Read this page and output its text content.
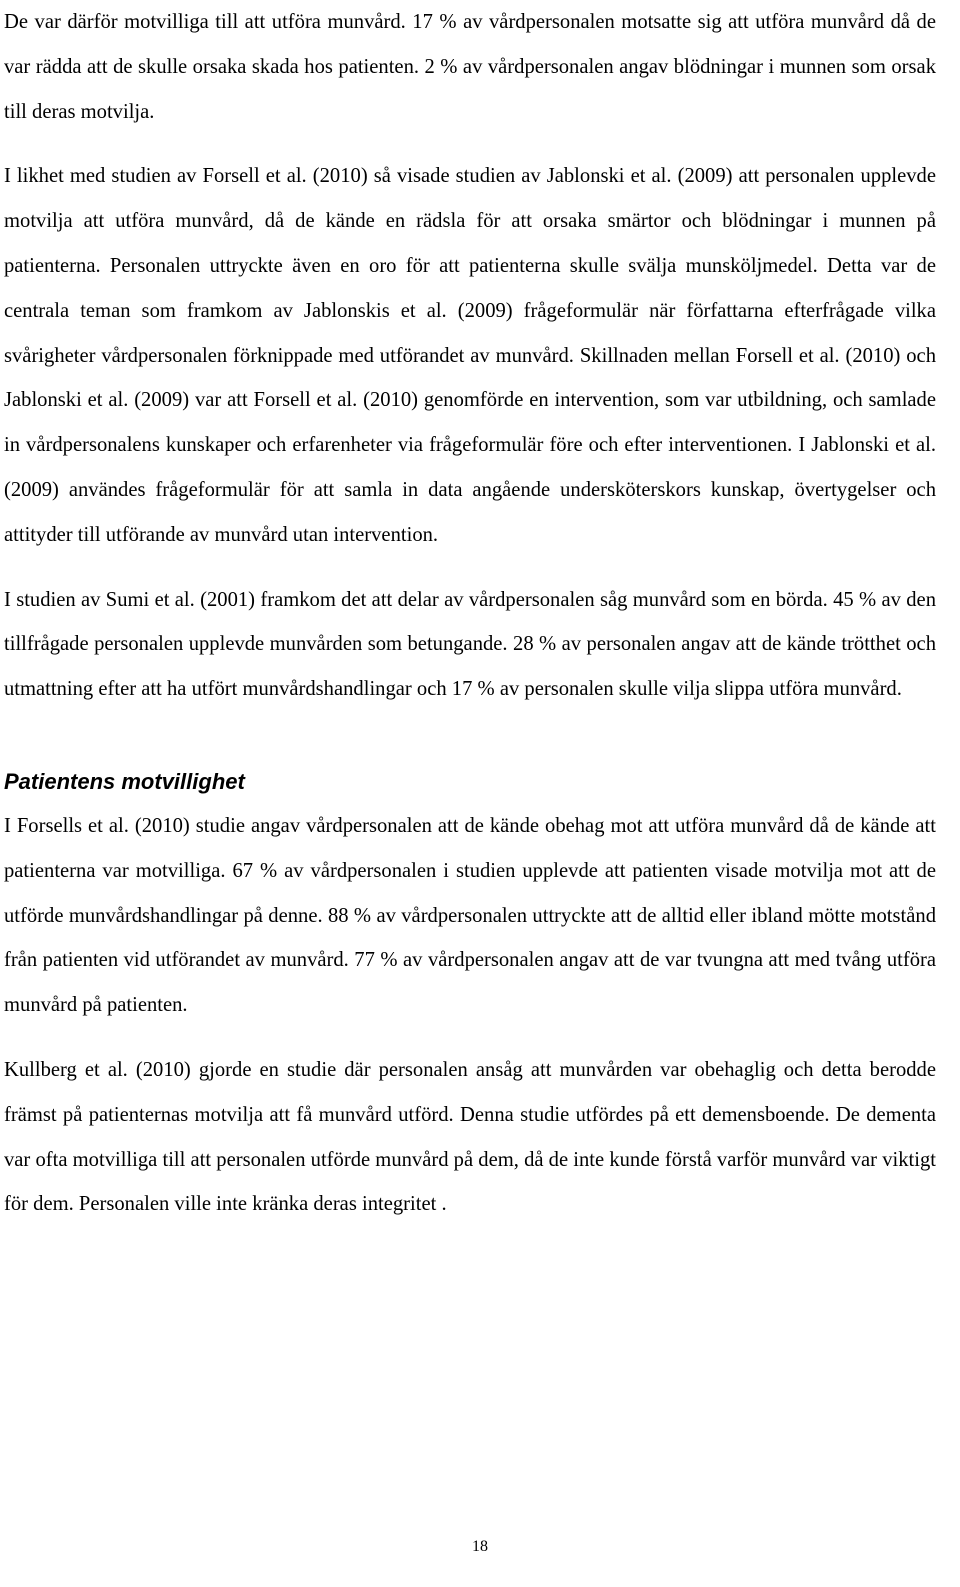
De var därför motvilliga till att utföra munvård. 17 % av vårdpersonalen motsatte sig att utföra munvård då de var rädda att de skulle orsaka skada hos patienten. 2 % av vårdpersonalen angav blödningar i munnen som orsak till deras motvilja.

I likhet med studien av Forsell et al. (2010) så visade studien av Jablonski et al. (2009) att personalen upplevde motvilja att utföra munvård, då de kände en rädsla för att orsaka smärtor och blödningar i munnen på patienterna. Personalen uttryckte även en oro för att patienterna skulle svälja munsköljmedel. Detta var de centrala teman som framkom av Jablonskis et al. (2009) frågeformulär när författarna efterfrågade vilka svårigheter vårdpersonalen förknippade med utförandet av munvård. Skillnaden mellan Forsell et al. (2010) och Jablonski et al. (2009) var att Forsell et al. (2010) genomförde en intervention, som var utbildning, och samlade in vårdpersonalens kunskaper och erfarenheter via frågeformulär före och efter interventionen. I Jablonski et al. (2009) användes frågeformulär för att samla in data angående undersköterskors kunskap, övertygelser och attityder till utförande av munvård utan intervention.

I studien av Sumi et al. (2001) framkom det att delar av vårdpersonalen såg munvård som en börda. 45 % av den tillfrågade personalen upplevde munvården som betungande. 28 % av personalen angav att de kände trötthet och utmattning efter att ha utfört munvårdshandlingar och 17 % av personalen skulle vilja slippa utföra munvård.

Patientens motvillighet

I Forsells et al. (2010) studie angav vårdpersonalen att de kände obehag mot att utföra munvård då de kände att patienterna var motvilliga. 67 % av vårdpersonalen i studien upplevde att patienten visade motvilja mot att de utförde munvårdshandlingar på denne. 88 % av vårdpersonalen uttryckte att de alltid eller ibland mötte motstånd från patienten vid utförandet av munvård. 77 % av vårdpersonalen angav att de var tvungna att med tvång utföra munvård på patienten.

Kullberg et al. (2010) gjorde en studie där personalen ansåg att munvården var obehaglig och detta berodde främst på patienternas motvilja att få munvård utförd. Denna studie utfördes på ett demensboende. De dementa var ofta motvilliga till att personalen utförde munvård på dem, då de inte kunde förstå varför munvård var viktigt för dem. Personalen ville inte kränka deras integritet .

18
